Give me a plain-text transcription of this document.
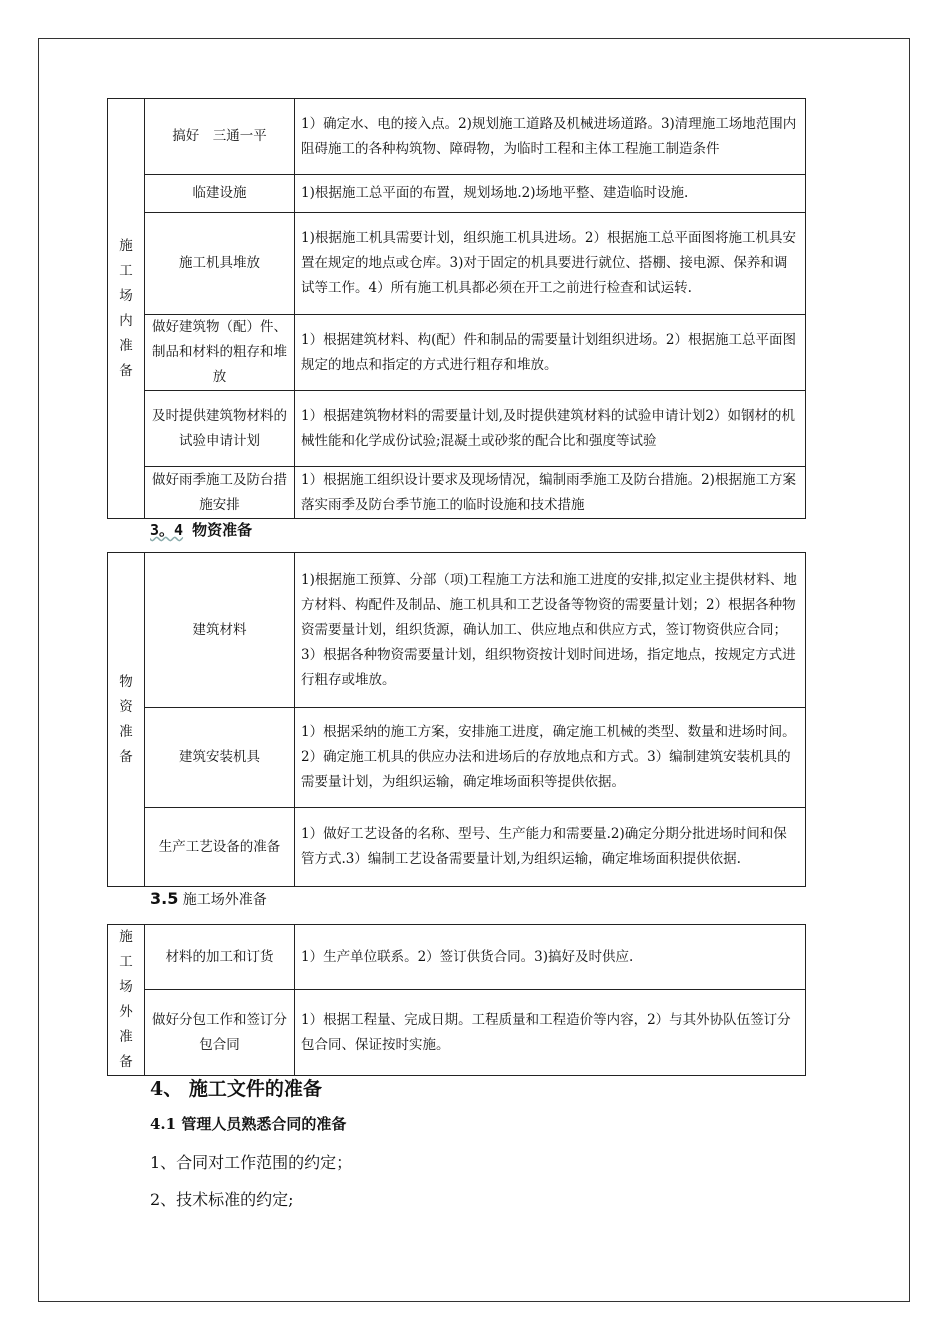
施工场内准备	搞好　三通一平	1）确定水、电的接入点。2)规划施工道路及机械进场道路。3)清理施工场地范围内阻碍施工的各种构筑物、障碍物，为临时工程和主体工程施工制造条件
	临建设施	1)根据施工总平面的布置，规划场地.2)场地平整、建造临时设施.
	施工机具堆放	1)根据施工机具需要计划，组织施工机具进场。2）根据施工总平面图将施工机具安置在规定的地点或仓库。3)对于固定的机具要进行就位、搭棚、接电源、保养和调试等工作。4）所有施工机具都必须在开工之前进行检查和试运转.
	做好建筑物（配）件、制品和材料的粗存和堆放	1）根据建筑材料、构(配）件和制品的需要量计划组织进场。2）根据施工总平面图规定的地点和指定的方式进行粗存和堆放。
	及时提供建筑物材料的试验申请计划	1）根据建筑物材料的需要量计划,及时提供建筑材料的试验申请计划2）如钢材的机械性能和化学成份试验;混凝土或砂浆的配合比和强度等试验
	做好雨季施工及防台措施安排	1）根据施工组织设计要求及现场情况，编制雨季施工及防台措施。2)根据施工方案落实雨季及防台季节施工的临时设施和技术措施
3。4 物资准备
物资准备	建筑材料	1)根据施工预算、分部（项)工程施工方法和施工进度的安排,拟定业主提供材料、地方材料、构配件及制品、施工机具和工艺设备等物资的需要量计划；2）根据各种物资需要量计划，组织货源，确认加工、供应地点和供应方式，签订物资供应合同；3）根据各种物资需要量计划，组织物资按计划时间进场，指定地点，按规定方式进行粗存或堆放。
	建筑安装机具	1）根据采纳的施工方案，安排施工进度，确定施工机械的类型、数量和进场时间。2）确定施工机具的供应办法和进场后的存放地点和方式。3）编制建筑安装机具的需要量计划，为组织运输，确定堆场面积等提供依据。
	生产工艺设备的准备	1）做好工艺设备的名称、型号、生产能力和需要量.2)确定分期分批进场时间和保管方式.3）编制工艺设备需要量计划,为组织运输，确定堆场面积提供依据.
3.5 施工场外准备
施工场外准备	材料的加工和订货	1）生产单位联系。2）签订供货合同。3)搞好及时供应.
	做好分包工作和签订分包合同	1）根据工程量、完成日期。工程质量和工程造价等内容，2）与其外协队伍签订分包合同、保证按时实施。
4、 施工文件的准备
4.1 管理人员熟悉合同的准备
1、合同对工作范围的约定；
2、技术标准的约定;
